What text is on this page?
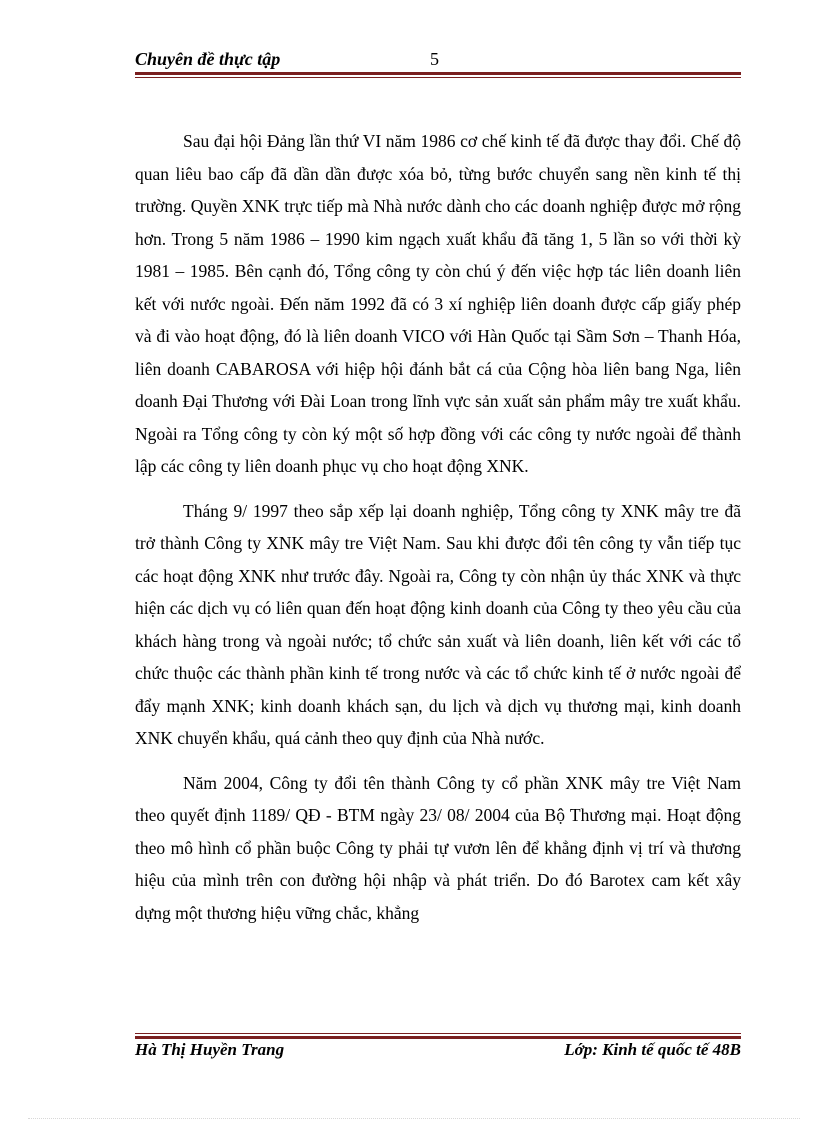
Chuyên đề thực tập	5

Sau đại hội Đảng lần thứ VI năm 1986 cơ chế kinh tế đã được thay đổi. Chế độ quan liêu bao cấp đã dần dần được xóa bỏ, từng bước chuyển sang nền kinh tế thị trường. Quyền XNK trực tiếp mà Nhà nước dành cho các doanh nghiệp được mở rộng hơn. Trong 5 năm 1986 – 1990 kim ngạch xuất khẩu đã tăng 1, 5 lần so với thời kỳ 1981 – 1985. Bên cạnh đó, Tổng công ty còn chú ý đến việc hợp tác liên doanh liên kết với nước ngoài. Đến năm 1992 đã có 3 xí nghiệp liên doanh được cấp giấy phép và đi vào hoạt động, đó là liên doanh VICO với Hàn Quốc tại Sầm Sơn – Thanh Hóa, liên doanh CABAROSA với hiệp hội đánh bắt cá của Cộng hòa liên bang Nga, liên doanh Đại Thương với Đài Loan trong lĩnh vực sản xuất sản phẩm mây tre xuất khẩu. Ngoài ra Tổng công ty còn ký một số hợp đồng với các công ty nước ngoài để thành lập các công ty liên doanh phục vụ cho hoạt động XNK.

Tháng 9/ 1997 theo sắp xếp lại doanh nghiệp, Tổng công ty XNK mây tre đã trở thành Công ty XNK mây tre Việt Nam. Sau khi được đổi tên công ty vẫn tiếp tục các hoạt động XNK như trước đây. Ngoài ra, Công ty còn nhận ủy thác XNK và thực hiện các dịch vụ có liên quan đến hoạt động kinh doanh của Công ty theo yêu cầu của khách hàng trong và ngoài nước; tổ chức sản xuất và liên doanh, liên kết với các tổ chức thuộc các thành phần kinh tế trong nước và các tổ chức kinh tế ở nước ngoài để đẩy mạnh XNK; kinh doanh khách sạn, du lịch và dịch vụ thương mại, kinh doanh XNK chuyển khẩu, quá cảnh theo quy định của Nhà nước.

Năm 2004, Công ty đổi tên thành Công ty cổ phần XNK mây tre Việt Nam theo quyết định 1189/ QĐ - BTM ngày 23/ 08/ 2004 của Bộ Thương mại. Hoạt động theo mô hình cổ phần buộc Công ty phải tự vươn lên để khẳng định vị trí và thương hiệu của mình trên con đường hội nhập và phát triển. Do đó Barotex cam kết xây dựng một thương hiệu vững chắc, khẳng

Hà Thị Huyền Trang	Lớp: Kinh tế quốc tế 48B
